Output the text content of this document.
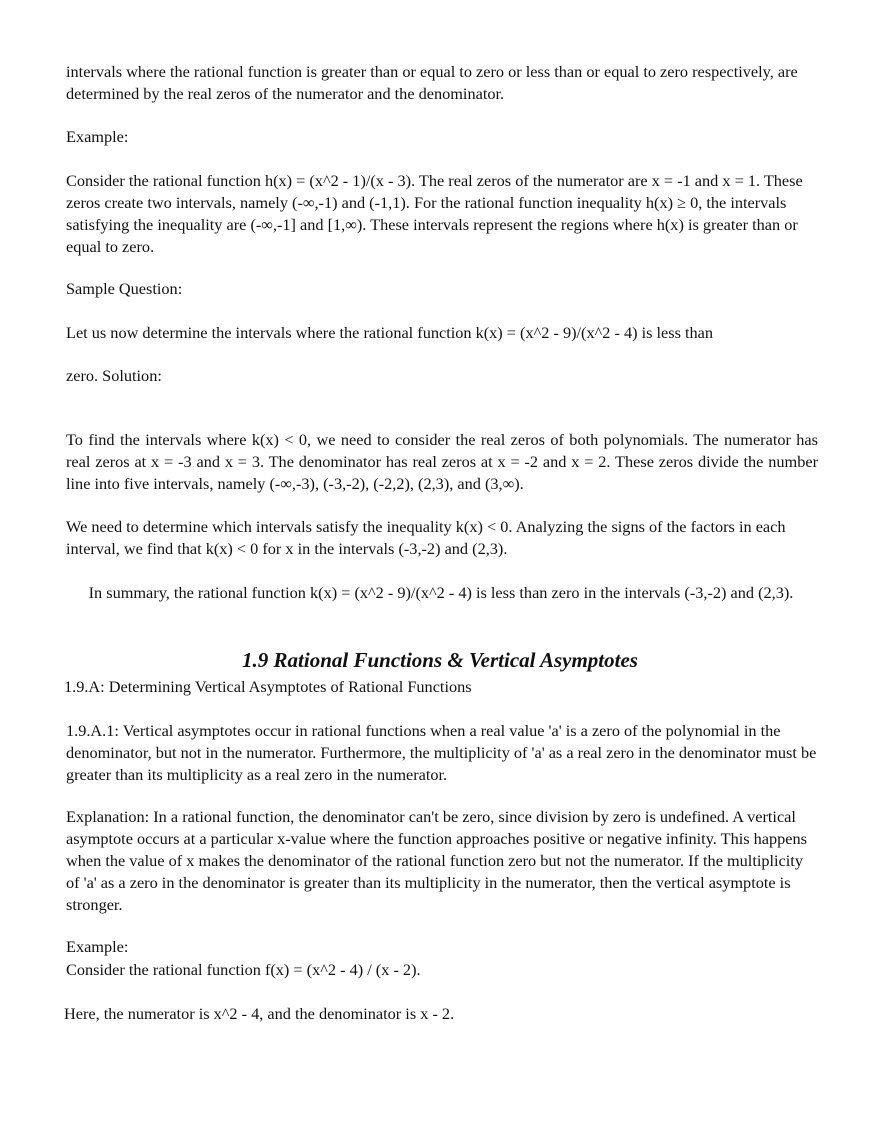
intervals where the rational function is greater than or equal to zero or less than or equal to zero respectively, are determined by the real zeros of the numerator and the denominator.

Example:

Consider the rational function h(x) = (x^2 - 1)/(x - 3). The real zeros of the numerator are x = -1 and x = 1. These zeros create two intervals, namely (-∞,-1) and (-1,1). For the rational function inequality h(x) ≥ 0, the intervals satisfying the inequality are (-∞,-1] and [1,∞). These intervals represent the regions where h(x) is greater than or equal to zero.

Sample Question:

Let us now determine the intervals where the rational function k(x) = (x^2 - 9)/(x^2 - 4) is less than

zero. Solution:

To find the intervals where k(x) < 0, we need to consider the real zeros of both polynomials. The numerator has real zeros at x = -3 and x = 3. The denominator has real zeros at x = -2 and x = 2. These zeros divide the number line into five intervals, namely (-∞,-3), (-3,-2), (-2,2), (2,3), and (3,∞).

We need to determine which intervals satisfy the inequality k(x) < 0. Analyzing the signs of the factors in each interval, we find that k(x) < 0 for x in the intervals (-3,-2) and (2,3).

In summary, the rational function k(x) = (x^2 - 9)/(x^2 - 4) is less than zero in the intervals (-3,-2) and (2,3).

1.9 Rational Functions & Vertical Asymptotes

1.9.A: Determining Vertical Asymptotes of Rational Functions

1.9.A.1: Vertical asymptotes occur in rational functions when a real value 'a' is a zero of the polynomial in the denominator, but not in the numerator. Furthermore, the multiplicity of 'a' as a real zero in the denominator must be greater than its multiplicity as a real zero in the numerator.

Explanation: In a rational function, the denominator can't be zero, since division by zero is undefined. A vertical asymptote occurs at a particular x-value where the function approaches positive or negative infinity. This happens when the value of x makes the denominator of the rational function zero but not the numerator. If the multiplicity of 'a' as a zero in the denominator is greater than its multiplicity in the numerator, then the vertical asymptote is stronger.

Example:

Consider the rational function f(x) = (x^2 - 4) / (x - 2).

Here, the numerator is x^2 - 4, and the denominator is x - 2.
